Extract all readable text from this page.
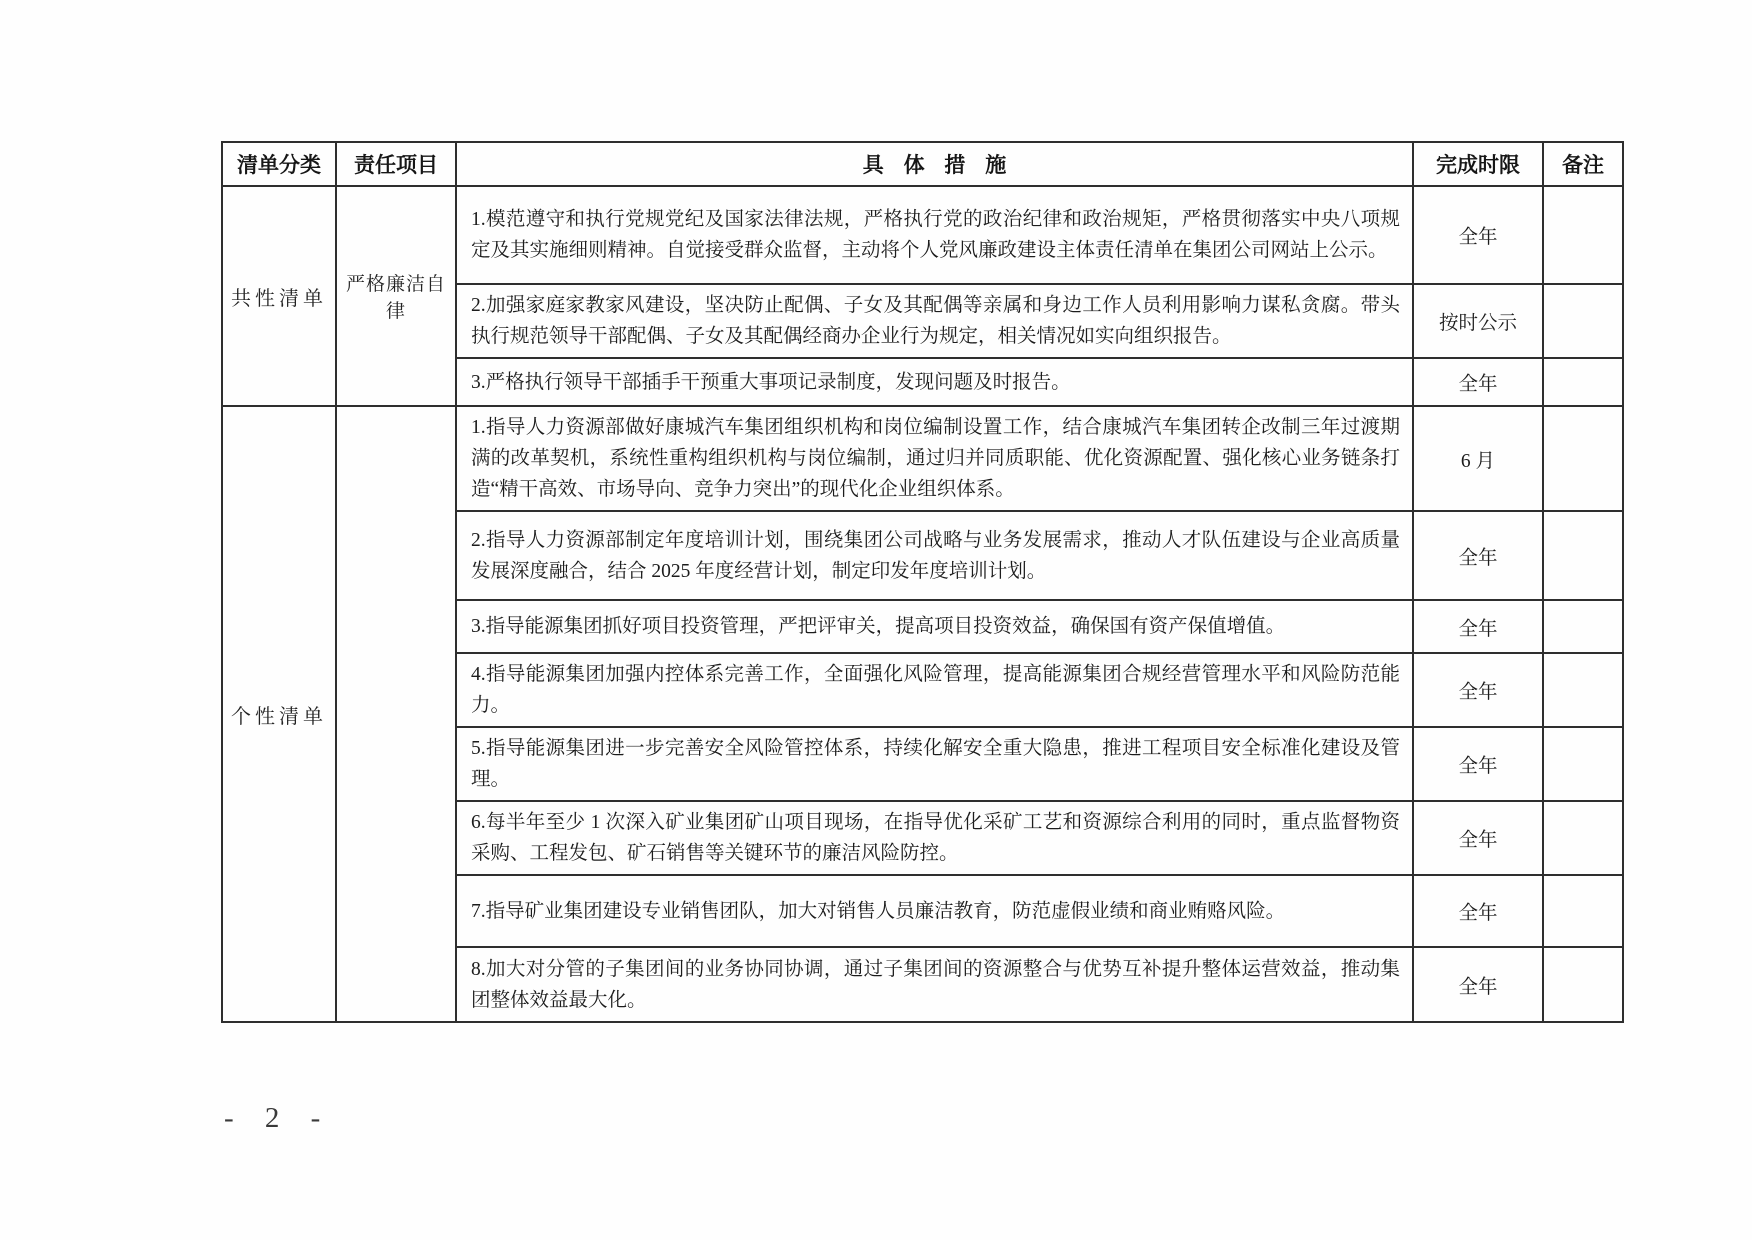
清单分类	责任项目	具 体 措 施	完成时限	备注
共性清单	严格廉洁自律	1.模范遵守和执行党规党纪及国家法律法规，严格执行党的政治纪律和政治规矩，严格贯彻落实中央八项规定及其实施细则精神。自觉接受群众监督，主动将个人党风廉政建设主体责任清单在集团公司网站上公示。	全年	
		2.加强家庭家教家风建设，坚决防止配偶、子女及其配偶等亲属和身边工作人员利用影响力谋私贪腐。带头执行规范领导干部配偶、子女及其配偶经商办企业行为规定，相关情况如实向组织报告。	按时公示	
		3.严格执行领导干部插手干预重大事项记录制度，发现问题及时报告。	全年	
个性清单		1.指导人力资源部做好康城汽车集团组织机构和岗位编制设置工作，结合康城汽车集团转企改制三年过渡期满的改革契机，系统性重构组织机构与岗位编制，通过归并同质职能、优化资源配置、强化核心业务链条打造“精干高效、市场导向、竞争力突出”的现代化企业组织体系。	6 月	
		2.指导人力资源部制定年度培训计划，围绕集团公司战略与业务发展需求，推动人才队伍建设与企业高质量发展深度融合，结合 2025 年度经营计划，制定印发年度培训计划。	全年	
		3.指导能源集团抓好项目投资管理，严把评审关，提高项目投资效益，确保国有资产保值增值。	全年	
		4.指导能源集团加强内控体系完善工作，全面强化风险管理，提高能源集团合规经营管理水平和风险防范能力。	全年	
		5.指导能源集团进一步完善安全风险管控体系，持续化解安全重大隐患，推进工程项目安全标准化建设及管理。	全年	
		6.每半年至少 1 次深入矿业集团矿山项目现场，在指导优化采矿工艺和资源综合利用的同时，重点监督物资采购、工程发包、矿石销售等关键环节的廉洁风险防控。	全年	
		7.指导矿业集团建设专业销售团队，加大对销售人员廉洁教育，防范虚假业绩和商业贿赂风险。	全年	
		8.加大对分管的子集团间的业务协同协调，通过子集团间的资源整合与优势互补提升整体运营效益，推动集团整体效益最大化。	全年	
- 2 -
